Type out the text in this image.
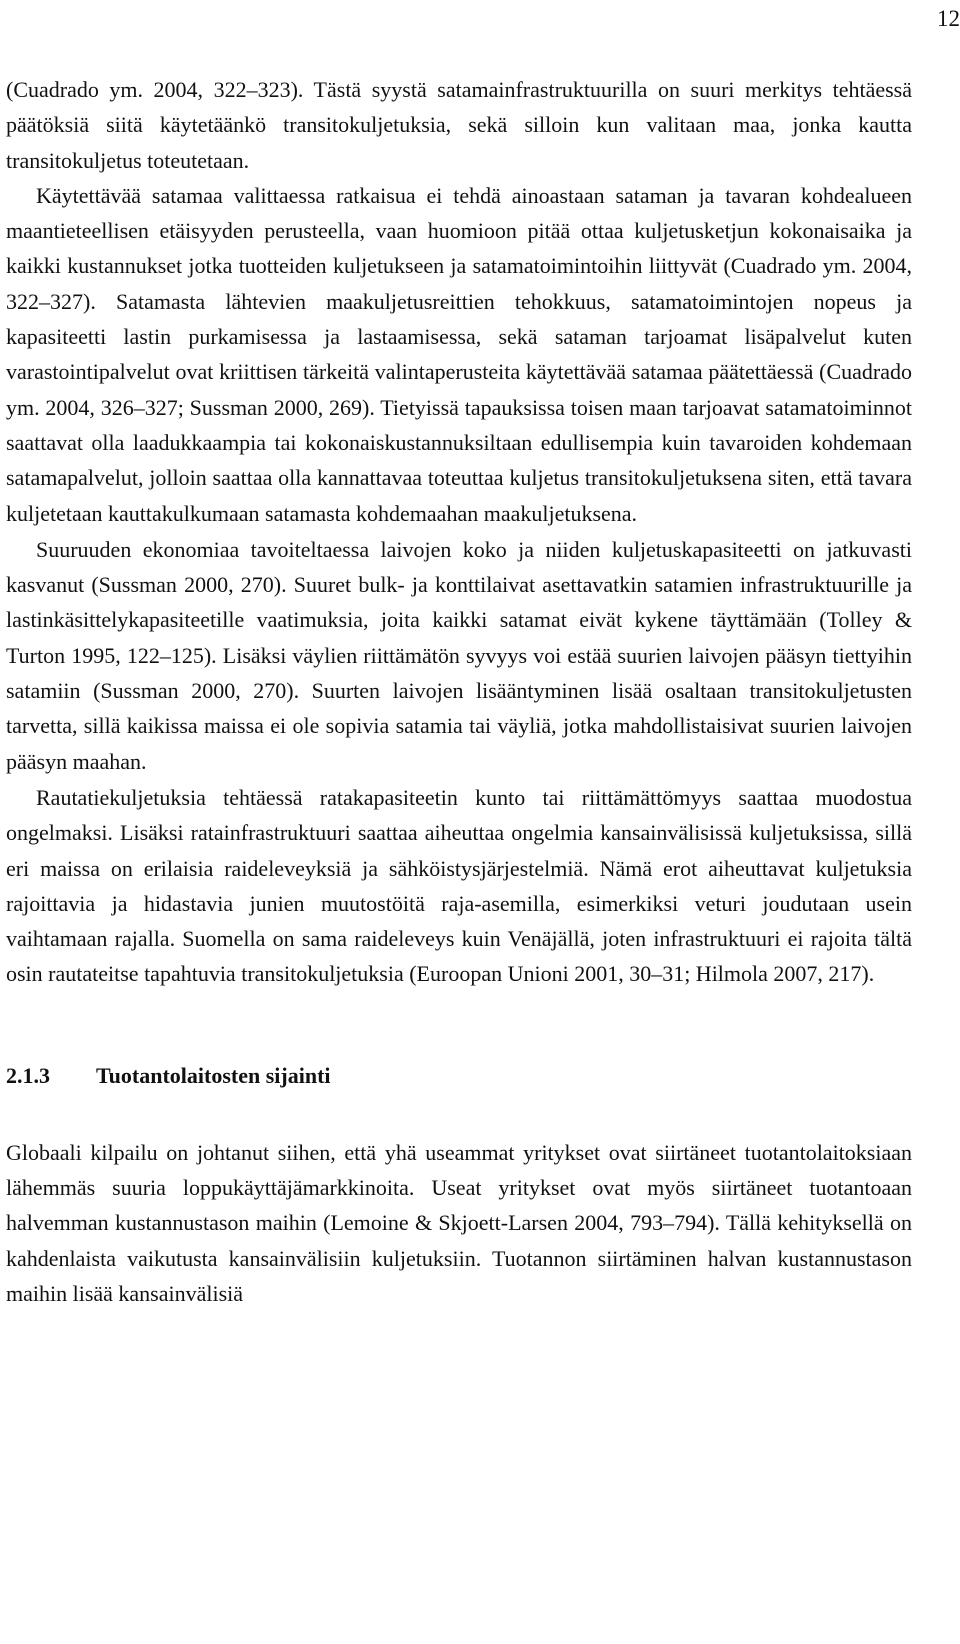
12

(Cuadrado ym. 2004, 322–323). Tästä syystä satamainfrastruktuurilla on suuri merkitys tehtäessä päätöksiä siitä käytetäänkö transitokuljetuksia, sekä silloin kun valitaan maa, jonka kautta transitokuljetus toteutetaan.

Käytettävää satamaa valittaessa ratkaisua ei tehdä ainoastaan sataman ja tavaran kohdealueen maantieteellisen etäisyyden perusteella, vaan huomioon pitää ottaa kuljetusketjun kokonaisaika ja kaikki kustannukset jotka tuotteiden kuljetukseen ja satamatoimintoihin liittyvät (Cuadrado ym. 2004, 322–327). Satamasta lähtevien maakuljetusreittien tehokkuus, satamatoimintojen nopeus ja kapasiteetti lastin purkamisessa ja lastaamisessa, sekä sataman tarjoamat lisäpalvelut kuten varastointipalvelut ovat kriittisen tärkeitä valintaperusteita käytettävää satamaa päätettäessä (Cuadrado ym. 2004, 326–327; Sussman 2000, 269). Tietyissä tapauksissa toisen maan tarjoavat satamatoiminnot saattavat olla laadukkaampia tai kokonaiskustannuksiltaan edullisempia kuin tavaroiden kohdemaan satamapalvelut, jolloin saattaa olla kannattavaa toteuttaa kuljetus transitokuljetuksena siten, että tavara kuljetetaan kauttakulkumaan satamasta kohdemaahan maakuljetuksena.

Suuruuden ekonomiaa tavoiteltaessa laivojen koko ja niiden kuljetuskapasiteetti on jatkuvasti kasvanut (Sussman 2000, 270). Suuret bulk- ja konttilaivat asettavatkin satamien infrastruktuurille ja lastinkäsittelykapasiteetille vaatimuksia, joita kaikki satamat eivät kykene täyttämään (Tolley & Turton 1995, 122–125). Lisäksi väylien riittämätön syvyys voi estää suurien laivojen pääsyn tiettyihin satamiin (Sussman 2000, 270). Suurten laivojen lisääntyminen lisää osaltaan transitokuljetusten tarvetta, sillä kaikissa maissa ei ole sopivia satamia tai väyliä, jotka mahdollistaisivat suurien laivojen pääsyn maahan.

Rautatiekuljetuksia tehtäessä ratakapasiteetin kunto tai riittämättömyys saattaa muodostua ongelmaksi. Lisäksi ratainfrastruktuuri saattaa aiheuttaa ongelmia kansainvälisissä kuljetuksissa, sillä eri maissa on erilaisia raideleveyksiä ja sähköistysjärjestelmiä. Nämä erot aiheuttavat kuljetuksia rajoittavia ja hidastavia junien muutostöitä raja-asemilla, esimerkiksi veturi joudutaan usein vaihtamaan rajalla. Suomella on sama raideleveys kuin Venäjällä, joten infrastruktuuri ei rajoita tältä osin rautateitse tapahtuvia transitokuljetuksia (Euroopan Unioni 2001, 30–31; Hilmola 2007, 217).

2.1.3	Tuotantolaitosten sijainti

Globaali kilpailu on johtanut siihen, että yhä useammat yritykset ovat siirtäneet tuotantolaitoksiaan lähemmäs suuria loppukäyttäjämarkkinoita. Useat yritykset ovat myös siirtäneet tuotantoaan halvemman kustannustason maihin (Lemoine & Skjoett-Larsen 2004, 793–794). Tällä kehityksellä on kahdenlaista vaikutusta kansainvälisiin kuljetuksiin. Tuotannon siirtäminen halvan kustannustason maihin lisää kansainvälisiä
